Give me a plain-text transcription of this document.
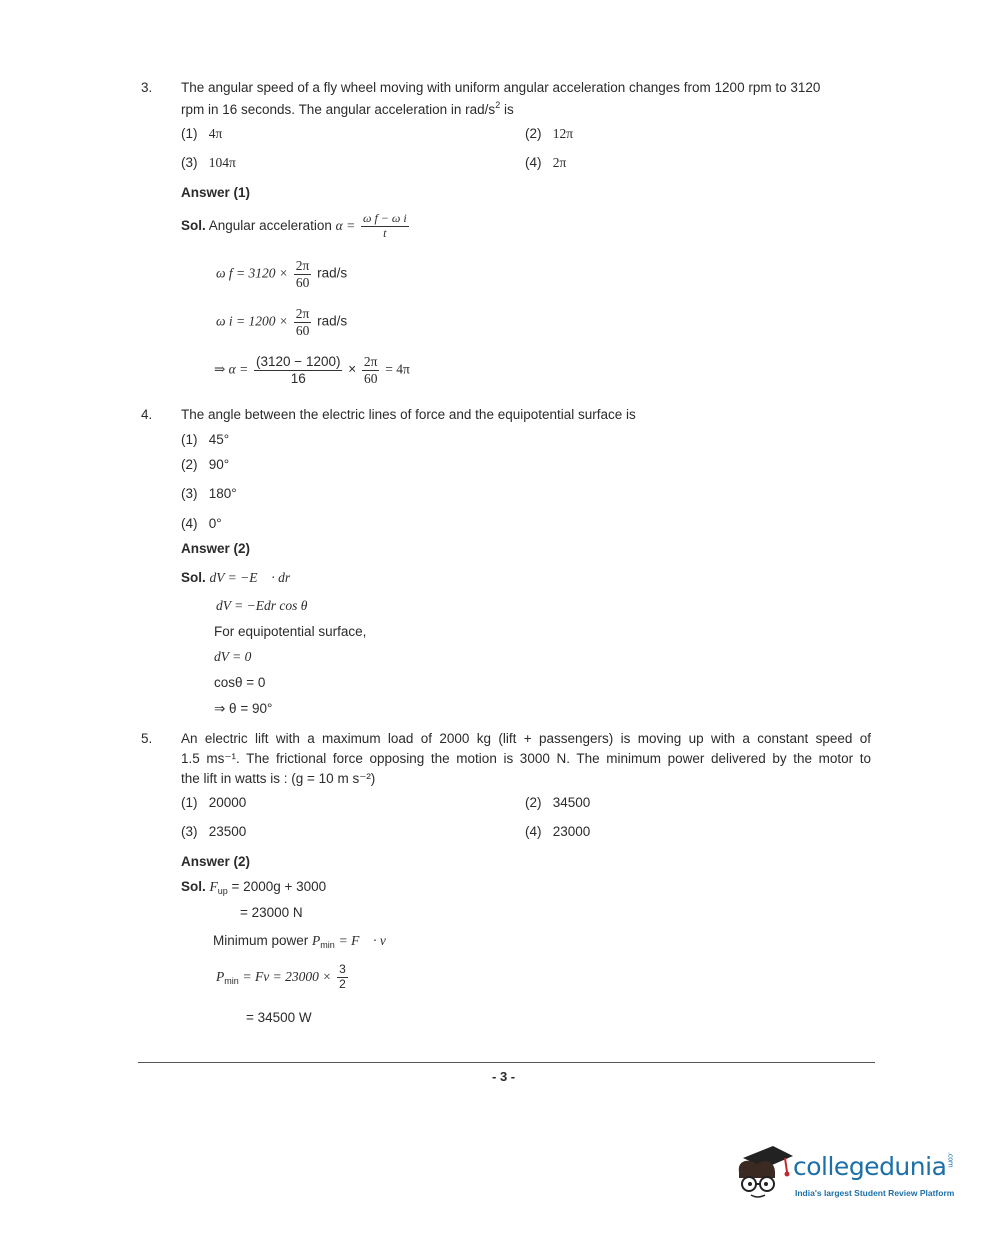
3. The angular speed of a fly wheel moving with uniform angular acceleration changes from 1200 rpm to 3120
rpm in 16 seconds. The angular acceleration in rad/$s^2$ is
(1) 4π	(2) 12π
(3) 104π	(4) 2π
Answer (1)
Sol. Angular acceleration $\alpha = \frac{\text{ω f − ω i}}{t}$
ω $f = 3120 \times \frac{2\pi}{60} rad/s$
ω $i = 1200 \times \frac{2\pi}{60} rad/s$
⇒ $\alpha = \frac{(3120 - 1200)}{16} \times \frac{2\pi}{60} = 4\pi$
4. The angle between the electric lines of force and the equipotential surface is
(1) 45°
(2) 90°
(3) 180°
(4) 0°
Answer (2)
Sol. dV = −E⃗ · dr⃗
dV = −Edr cos θ
For equipotential surface,
dV = 0
cosθ = 0
⇒ θ = 90°
5. An electric lift with a maximum load of 2000 kg (lift + passengers) is moving up with a constant speed of
1.5 ms⁻¹. The frictional force opposing the motion is 3000 N. The minimum power delivered by the motor to
the lift in watts is : (g = 10 m s⁻²)
(1) 20000	(2) 34500
(3) 23500	(4) 23000
Answer (2)
Sol. $F_{up} = 2000g + 3000$
= 23000 N
Minimum power $P_{min}$ = F⃗ · v⃗
$P_{min} = Fv = 23000 \times \frac{3}{2}$
= 34500 W
- 3 -
collegedunia.com
India's largest Student Review Platform
